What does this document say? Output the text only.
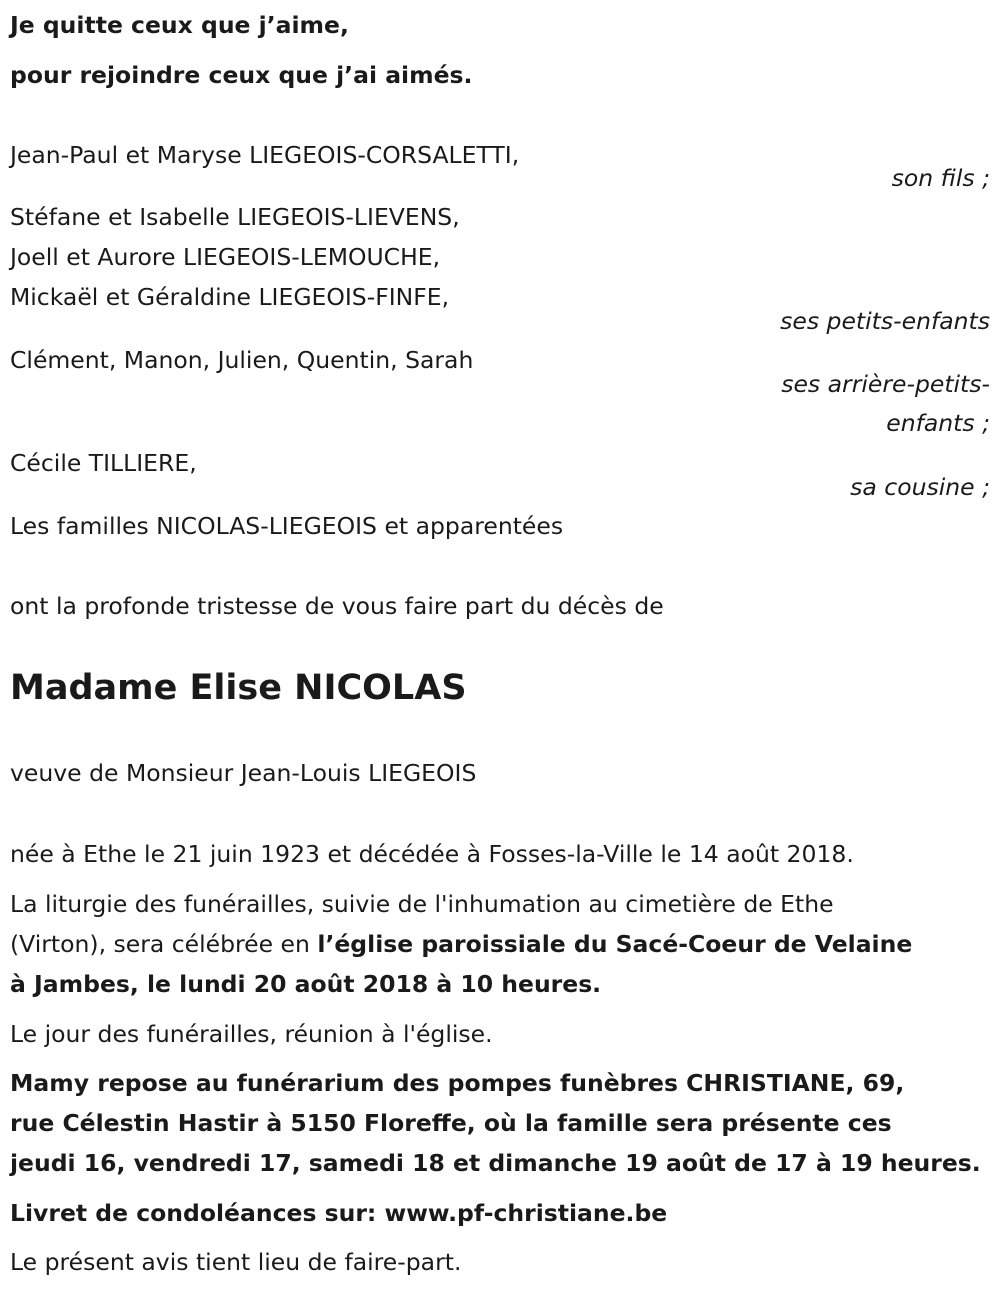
Je quitte ceux que j’aime,
pour rejoindre ceux que j’ai aimés.
Jean-Paul et Maryse LIEGEOIS-CORSALETTI,
son fils ;
Stéfane et Isabelle LIEGEOIS-LIEVENS,
Joell et Aurore LIEGEOIS-LEMOUCHE,
Mickaël et Géraldine LIEGEOIS-FINFE,
ses petits-enfants
Clément, Manon, Julien, Quentin, Sarah
ses arrière-petits-
enfants ;
Cécile TILLIERE,
sa cousine ;
Les familles NICOLAS-LIEGEOIS et apparentées
ont la profonde tristesse de vous faire part du décès de
Madame Elise NICOLAS
veuve de Monsieur Jean-Louis LIEGEOIS
née à Ethe le 21 juin 1923 et décédée à Fosses-la-Ville le 14 août 2018.
La liturgie des funérailles, suivie de l'inhumation au cimetière de Ethe
(Virton), sera célébrée en l’église paroissiale du Sacé-Coeur de Velaine
à Jambes, le lundi 20 août 2018 à 10 heures.
Le jour des funérailles, réunion à l'église.
Mamy repose au funérarium des pompes funèbres CHRISTIANE, 69,
rue Célestin Hastir à 5150 Floreffe, où la famille sera présente ces
jeudi 16, vendredi 17, samedi 18 et dimanche 19 août de 17 à 19 heures.
Livret de condoléances sur: www.pf-christiane.be
Le présent avis tient lieu de faire-part.
